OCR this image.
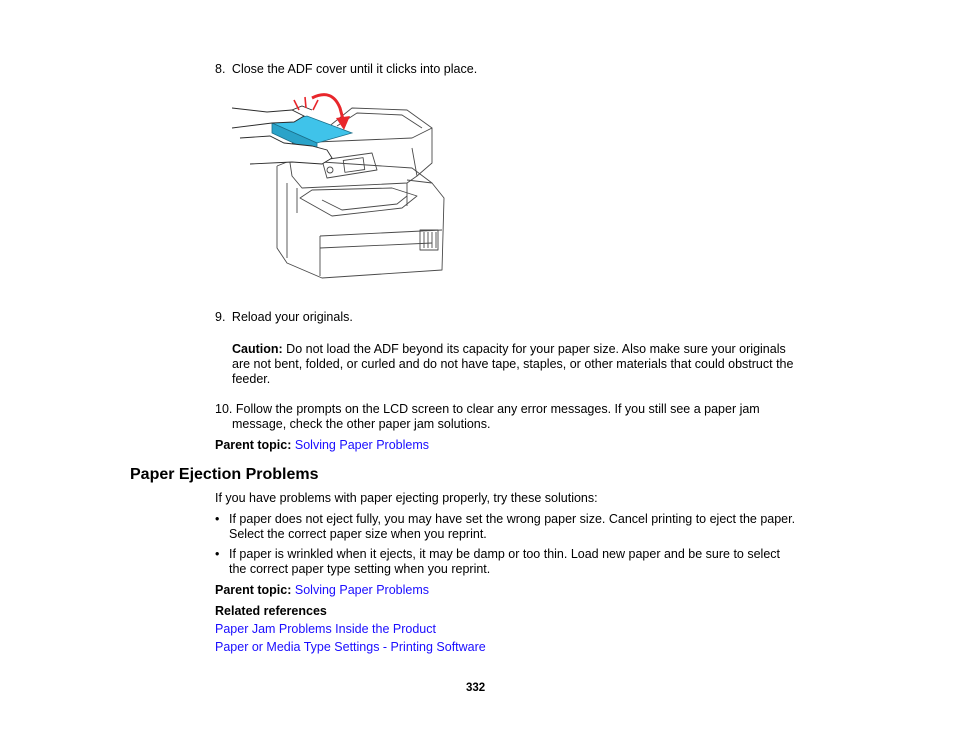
8. Close the ADF cover until it clicks into place.
9. Reload your originals.
Caution: Do not load the ADF beyond its capacity for your paper size. Also make sure your originals
are not bent, folded, or curled and do not have tape, staples, or other materials that could obstruct the
feeder.
10. Follow the prompts on the LCD screen to clear any error messages. If you still see a paper jam
message, check the other paper jam solutions.
Parent topic: Solving Paper Problems
Paper Ejection Problems
If you have problems with paper ejecting properly, try these solutions:
• If paper does not eject fully, you may have set the wrong paper size. Cancel printing to eject the paper.
Select the correct paper size when you reprint.
• If paper is wrinkled when it ejects, it may be damp or too thin. Load new paper and be sure to select
the correct paper type setting when you reprint.
Parent topic: Solving Paper Problems
Related references
Paper Jam Problems Inside the Product
Paper or Media Type Settings - Printing Software
332
